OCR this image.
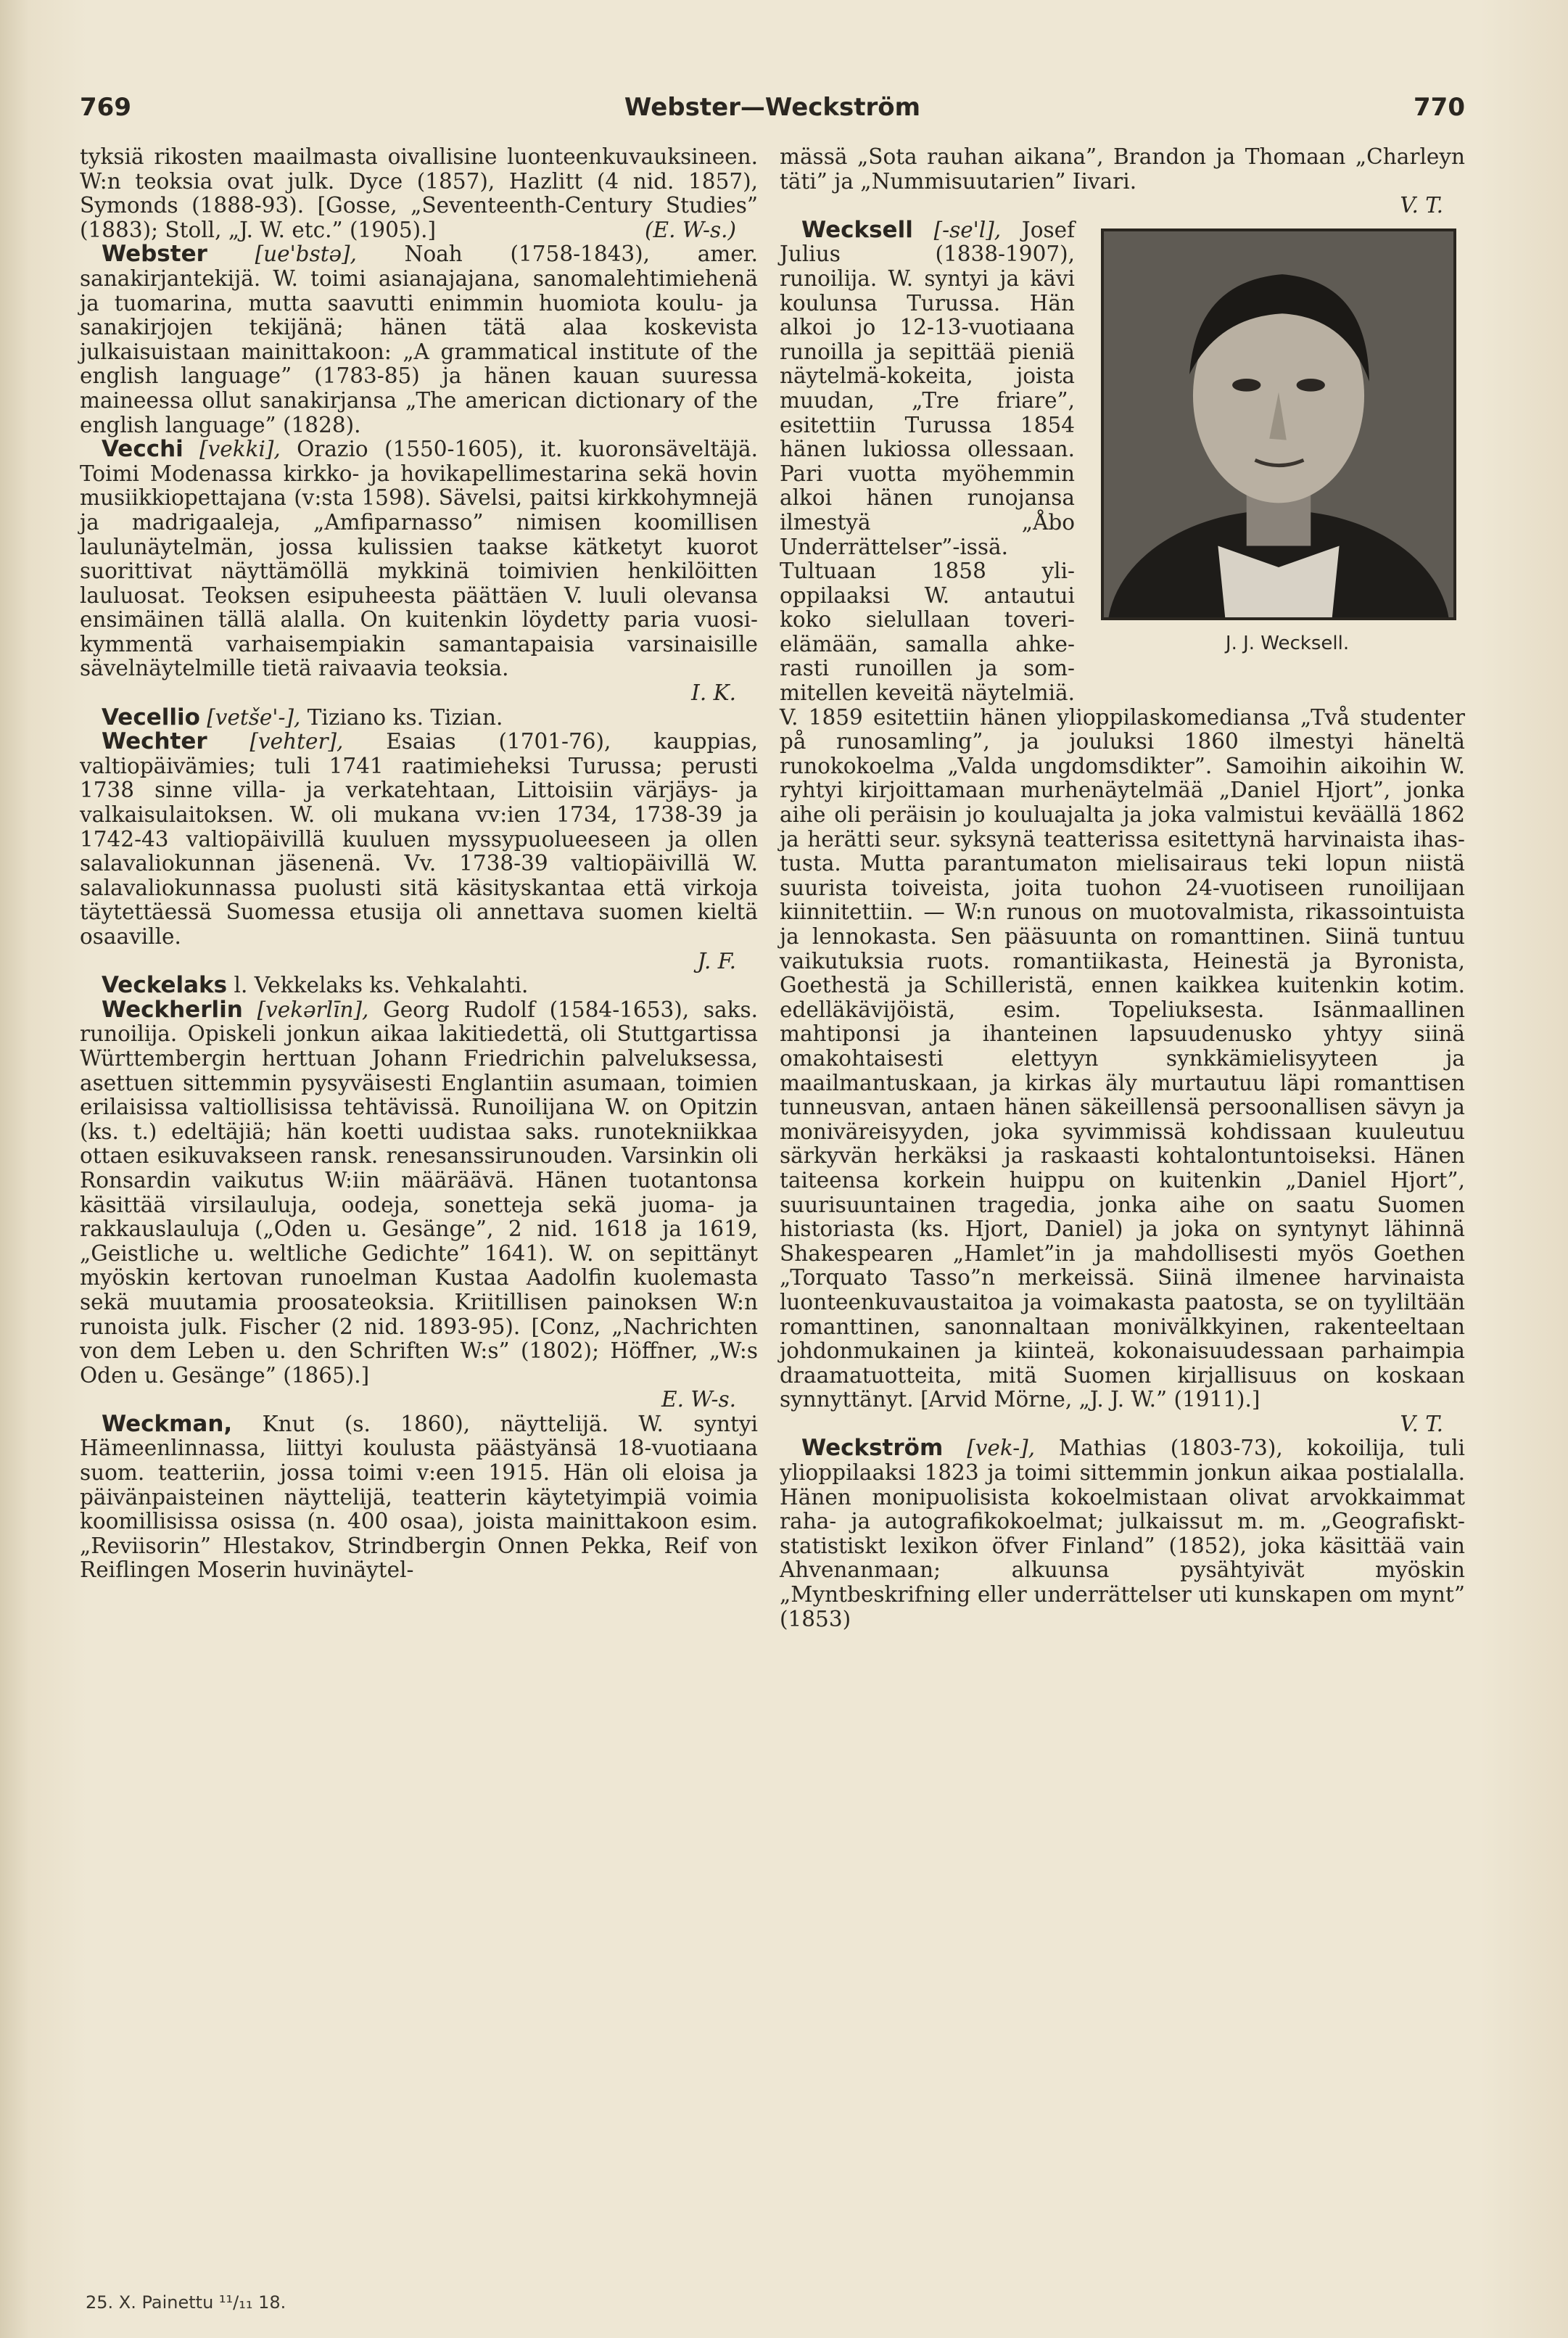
769	Webster—Weckström	770

tyksiä rikosten maailmasta oivallisine luonteenkuvauksineen. W:n teoksia ovat julk. Dyce (1857), Hazlitt (4 nid. 1857), Symonds (1888-93). [Gosse, „Seventeenth-Century Studies” (1883); Stoll, „J. W. etc.” (1905).]	(E. W-s.)

Webster [ue'bstə], Noah (1758-1843), amer. sanakirjantekijä. W. toimi asianajajana, sanomalehtimiehenä ja tuomarina, mutta saavutti enimmin huomiota koulu- ja sanakirjojen tekijänä; hänen tätä alaa koskevista julkaisuistaan mainittakoon: „A grammatical institute of the english language” (1783-85) ja hänen kauan suuressa maineessa ollut sanakirjansa „The american dictionary of the english language” (1828).

Vecchi [vekki], Orazio (1550-1605), it. kuoronsäveltäjä. Toimi Modenassa kirkko- ja hovikapellimestarina sekä hovin musiikkiopettajana (v:sta 1598). Sävelsi, paitsi kirkkohymnejä ja madrigaaleja, „Amfiparnasso” nimisen koomillisen laulunäytelmän, jossa kulissien taakse kätketyt kuorot suorittivat näyttämöllä mykkinä toimivien henkilöitten lauluosat. Teoksen esipuheesta päättäen V. luuli olevansa ensimäinen tällä alalla. On kuitenkin löydetty paria vuosikymmentä varhaisempiakin samantapaisia varsinaisille sävelnäytelmille tietä raivaavia teoksia.

I. K.

Vecellio [vetše'-], Tiziano ks. Tizian.

Wechter [vehter], Esaias (1701-76), kauppias, valtiopäivämies; tuli 1741 raatimieheksi Turussa; perusti 1738 sinne villa- ja verkatehtaan, Littoisiin värjäys- ja valkaisulaitoksen. W. oli mukana vv:ien 1734, 1738-39 ja 1742-43 valtiopäivillä kuuluen myssypuolueeseen ja ollen salavaliokunnan jäsenenä. Vv. 1738-39 valtiopäivillä W. salavaliokunnassa puolusti sitä käsityskantaa että virkoja täytettäessä Suomessa etusija oli annettava suomen kieltä osaaville.

J. F.

Veckelaks l. Vekkelaks ks. Vehkalahti.

Weckherlin [vekərlīn], Georg Rudolf (1584-1653), saks. runoilija. Opiskeli jonkun aikaa lakitiedettä, oli Stuttgartissa Württembergin herttuan Johann Friedrichin palveluksessa, asettuen sittemmin pysyväisesti Englantiin asumaan, toimien erilaisissa valtiollisissa tehtävissä. Runoilijana W. on Opitzin (ks. t.) edeltäjiä; hän koetti uudistaa saks. runotekniikkaa ottaen esikuvakseen ransk. renesanssirunouden. Varsinkin oli Ronsardin vaikutus W:iin määräävä. Hänen tuotantonsa käsittää virsilauluja, oodeja, sonetteja sekä juoma- ja rakkauslauluja („Oden u. Gesänge”, 2 nid. 1618 ja 1619, „Geistliche u. weltliche Gedichte” 1641). W. on sepittänyt myöskin kertovan runoelman Kustaa Aadolfin kuolemasta sekä muutamia proosateoksia. Kriitillisen painoksen W:n runoista julk. Fischer (2 nid. 1893-95). [Conz, „Nachrichten von dem Leben u. den Schriften W:s” (1802); Höffner, „W:s Oden u. Gesänge” (1865).]

E. W-s.

Weckman, Knut (s. 1860), näyttelijä. W. syntyi Hämeenlinnassa, liittyi koulusta päästyänsä 18-vuotiaana suom. teatteriin, jossa toimi v:een 1915. Hän oli eloisa ja päivänpaisteinen näyttelijä, teatterin käytetyimpiä voimia koomillisissa osissa (n. 400 osaa), joista mainittakoon esim. „Reviisorin” Hlestakov, Strindbergin Onnen Pekka, Reif von Reiflingen Moserin huvinäytel-

mässä „Sota rauhan aikana”, Brandon ja Thomaan „Charleyn täti” ja „Nummisuutarien” Iivari.

V. T.

J. J. Wecksell.
Wecksell [-se'l], Josef Julius (1838-1907), runoilija. W. syntyi ja kävi koulunsa Turussa. Hän alkoi jo 12-13-vuotiaana runoilla ja sepittää pieniä näytelmä-kokeita, joista muudan, „Tre friare”, esitettiin Turussa 1854 hänen lukiossa ollessaan. Pari vuotta myöhemmin alkoi hänen runojansa ilmestyä „Åbo Underrättelser”-issä. Tultuaan 1858 ylioppilaaksi W. antautui koko sielullaan toverielämään, samalla ahkerasti runoillen ja sommitellen keveitä näytelmiä. V. 1859 esitettiin hänen ylioppilaskomediansa „Två studenter på runosamling”, ja jouluksi 1860 ilmestyi häneltä runokokoelma „Valda ungdomsdikter”. Samoihin aikoihin W. ryhtyi kirjoittamaan murhenäytelmää „Daniel Hjort”, jonka aihe oli peräisin jo kouluajalta ja joka valmistui keväällä 1862 ja herätti seur. syksynä teatterissa esitettynä harvinaista ihastusta. Mutta parantumaton mielisairaus teki lopun niistä suurista toiveista, joita tuohon 24-vuotiseen runoilijaan kiinnitettiin. — W:n runous on muotovalmista, rikassointuista ja lennokasta. Sen pääsuunta on romanttinen. Siinä tuntuu vaikutuksia ruots. romantiikasta, Heinestä ja Byronista, Goethestä ja Schilleristä, ennen kaikkea kuitenkin kotim. edelläkävijöistä, esim. Topeliuksesta. Isänmaallinen mahtiponsi ja ihanteinen lapsuudenusko yhtyy siinä omakohtaisesti elettyyn synkkämielisyyteen ja maailmantuskaan, ja kirkas äly murtautuu läpi romanttisen tunneusvan, antaen hänen säkeillensä persoonallisen sävyn ja moniväreisyyden, joka syvimmissä kohdissaan kuuleutuu särkyvän herkäksi ja raskaasti kohtalontuntoiseksi. Hänen taiteensa korkein huippu on kuitenkin „Daniel Hjort”, suurisuuntainen tragedia, jonka aihe on saatu Suomen historiasta (ks. Hjort, Daniel) ja joka on syntynyt lähinnä Shakespearen „Hamlet”in ja mahdollisesti myös Goethen „Torquato Tasso”n merkeissä. Siinä ilmenee harvinaista luonteenkuvaustaitoa ja voimakasta paatosta, se on tyyliltään romanttinen, sanonnaltaan monivälkkyinen, rakenteeltaan johdonmukainen ja kiinteä, kokonaisuudessaan parhaimpia draamatuotteita, mitä Suomen kirjallisuus on koskaan synnyttänyt. [Arvid Mörne, „J. J. W.” (1911).]

V. T.

Weckström [vek-], Mathias (1803-73), kokoilija, tuli ylioppilaaksi 1823 ja toimi sittemmin jonkun aikaa postialalla. Hänen monipuolisista kokoelmistaan olivat arvokkaimmat raha- ja autografikokoelmat; julkaissut m. m. „Geografiskt-statistiskt lexikon öfver Finland” (1852), joka käsittää vain Ahvenanmaan; alkuunsa pysähtyivät myöskin „Myntbeskrifning eller underrättelser uti kunskapen om mynt” (1853)

25. X. Painettu ¹¹/₁₁ 18.
